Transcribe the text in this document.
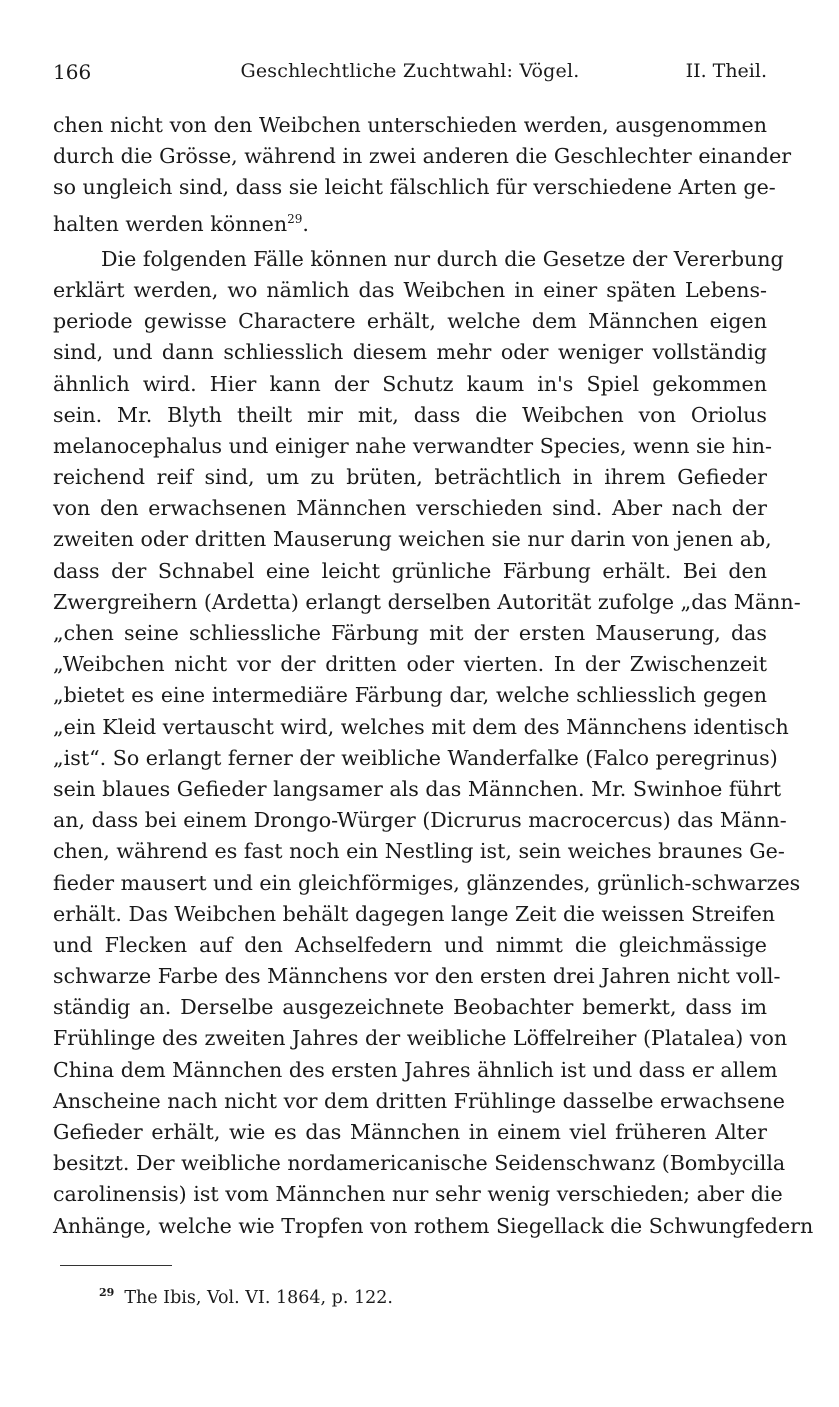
166	Geschlechtliche Zuchtwahl: Vögel.	II. Theil.
chen nicht von den Weibchen unterschieden werden, ausgenommen
durch die Grösse, während in zwei anderen die Geschlechter einander
so ungleich sind, dass sie leicht fälschlich für verschiedene Arten ge-
halten werden können$^{29}$.
Die folgenden Fälle können nur durch die Gesetze der Vererbung
erklärt werden, wo nämlich das Weibchen in einer späten Lebens-
periode gewisse Charactere erhält, welche dem Männchen eigen
sind, und dann schliesslich diesem mehr oder weniger vollständig
ähnlich wird. Hier kann der Schutz kaum in's Spiel gekommen
sein. Mr. Blyth theilt mir mit, dass die Weibchen von Oriolus
melanocephalus und einiger nahe verwandter Species, wenn sie hin-
reichend reif sind, um zu brüten, beträchtlich in ihrem Gefieder
von den erwachsenen Männchen verschieden sind. Aber nach der
zweiten oder dritten Mauserung weichen sie nur darin von jenen ab,
dass der Schnabel eine leicht grünliche Färbung erhält. Bei den
Zwergreihern (Ardetta) erlangt derselben Autorität zufolge „das Männ-
„chen seine schliessliche Färbung mit der ersten Mauserung, das
„Weibchen nicht vor der dritten oder vierten. In der Zwischenzeit
„bietet es eine intermediäre Färbung dar, welche schliesslich gegen
„ein Kleid vertauscht wird, welches mit dem des Männchens identisch
„ist“. So erlangt ferner der weibliche Wanderfalke (Falco peregrinus)
sein blaues Gefieder langsamer als das Männchen. Mr. Swinhoe führt
an, dass bei einem Drongo-Würger (Dicrurus macrocercus) das Männ-
chen, während es fast noch ein Nestling ist, sein weiches braunes Ge-
fieder mausert und ein gleichförmiges, glänzendes, grünlich-schwarzes
erhält. Das Weibchen behält dagegen lange Zeit die weissen Streifen
und Flecken auf den Achselfedern und nimmt die gleichmässige
schwarze Farbe des Männchens vor den ersten drei Jahren nicht voll-
ständig an. Derselbe ausgezeichnete Beobachter bemerkt, dass im
Frühlinge des zweiten Jahres der weibliche Löffelreiher (Platalea) von
China dem Männchen des ersten Jahres ähnlich ist und dass er allem
Anscheine nach nicht vor dem dritten Frühlinge dasselbe erwachsene
Gefieder erhält, wie es das Männchen in einem viel früheren Alter
besitzt. Der weibliche nordamericanische Seidenschwanz (Bombycilla
carolinensis) ist vom Männchen nur sehr wenig verschieden; aber die
Anhänge, welche wie Tropfen von rothem Siegellack die Schwungfedern
$^{29}$ The Ibis, Vol. VI. 1864, p. 122.
